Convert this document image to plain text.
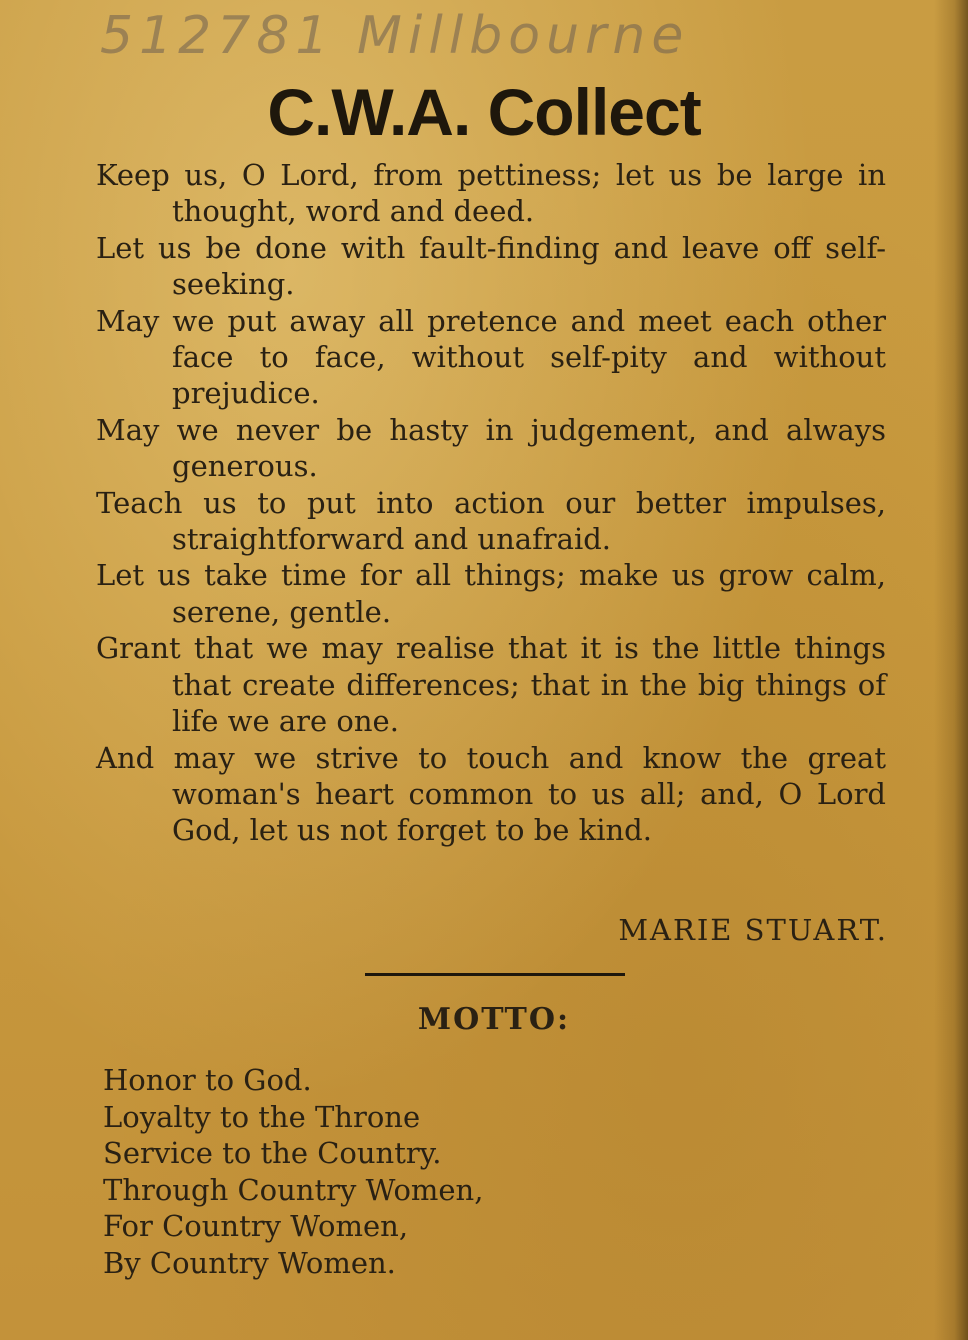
512781 Millbourne
C.W.A. Collect

Keep us, O Lord, from pettiness; let us be large in thought, word and deed.

Let us be done with fault-finding and leave off self-seeking.

May we put away all pretence and meet each other face to face, without self-pity and without prejudice.

May we never be hasty in judgement, and always generous.

Teach us to put into action our better impulses, straightforward and unafraid.

Let us take time for all things; make us grow calm, serene, gentle.

Grant that we may realise that it is the little things that create differences; that in the big things of life we are one.

And may we strive to touch and know the great woman's heart common to us all; and, O Lord God, let us not forget to be kind.

MARIE STUART.
MOTTO:

Honor to God.

Loyalty to the Throne

Service to the Country.

Through Country Women,

For Country Women,

By Country Women.
